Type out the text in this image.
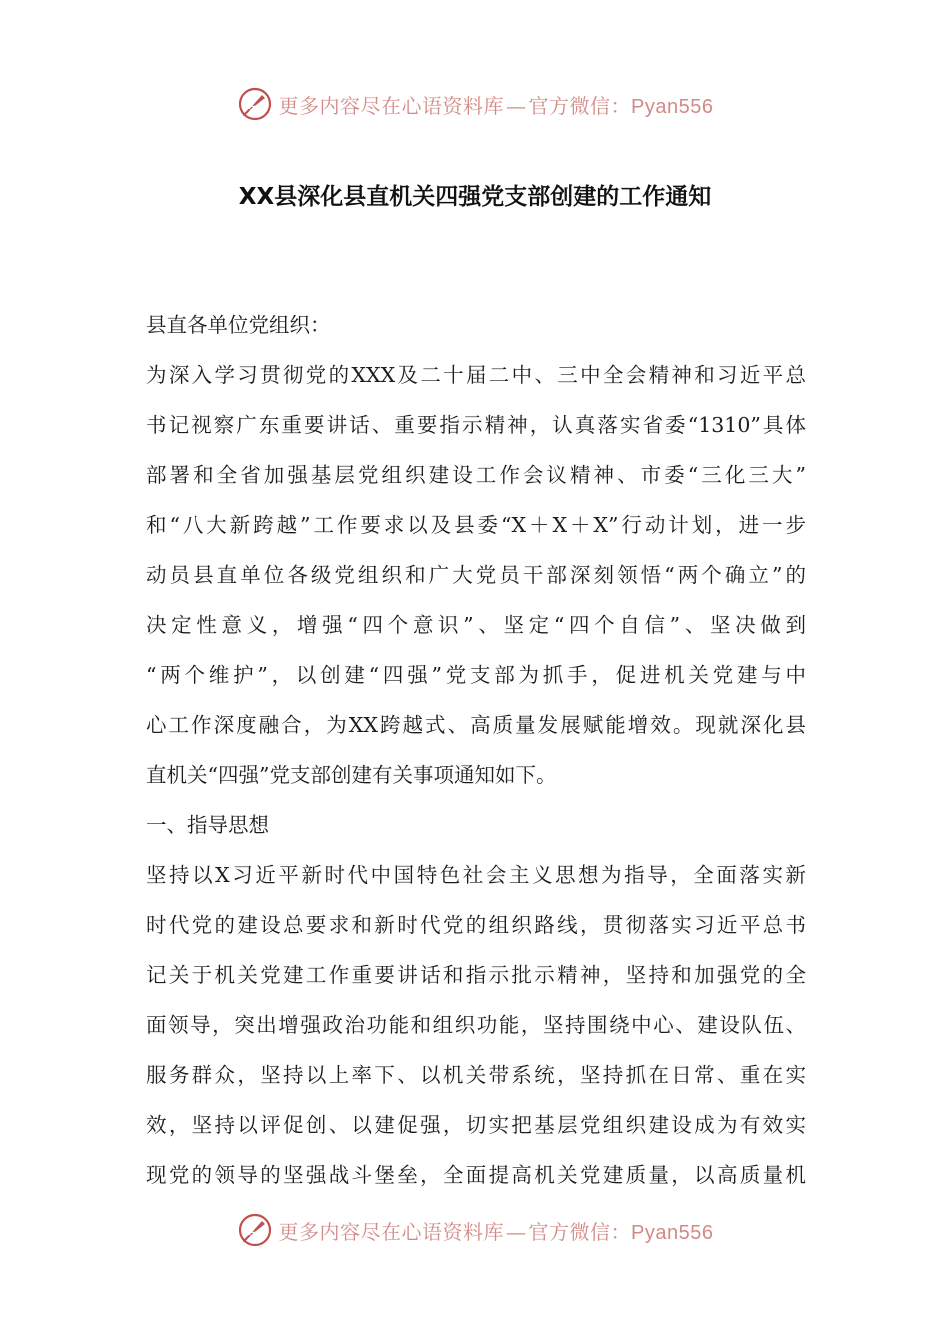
更多内容尽在心语资料库 — 官方微信：Pyan556
XX县深化县直机关四强党支部创建的工作通知
县直各单位党组织：
为深入学习贯彻党的XXX及二十届二中、三中全会精神和习近平总
书记视察广东重要讲话、重要指示精神，认真落实省委“1310”具体
部署和全省加强基层党组织建设工作会议精神、市委“三化三大”
和“八大新跨越”工作要求以及县委“X＋X＋X”行动计划，进一步
动员县直单位各级党组织和广大党员干部深刻领悟“两个确立”的
决定性意义，增强“四个意识”、坚定“四个自信”、坚决做到
“两个维护”，以创建“四强”党支部为抓手，促进机关党建与中
心工作深度融合，为XX跨越式、高质量发展赋能增效。现就深化县
直机关“四强”党支部创建有关事项通知如下。
一、指导思想
坚持以X习近平新时代中国特色社会主义思想为指导，全面落实新
时代党的建设总要求和新时代党的组织路线，贯彻落实习近平总书
记关于机关党建工作重要讲话和指示批示精神，坚持和加强党的全
面领导，突出增强政治功能和组织功能，坚持围绕中心、建设队伍、
服务群众，坚持以上率下、以机关带系统，坚持抓在日常、重在实
效，坚持以评促创、以建促强，切实把基层党组织建设成为有效实
现党的领导的坚强战斗堡垒，全面提高机关党建质量，以高质量机
更多内容尽在心语资料库 — 官方微信：Pyan556
